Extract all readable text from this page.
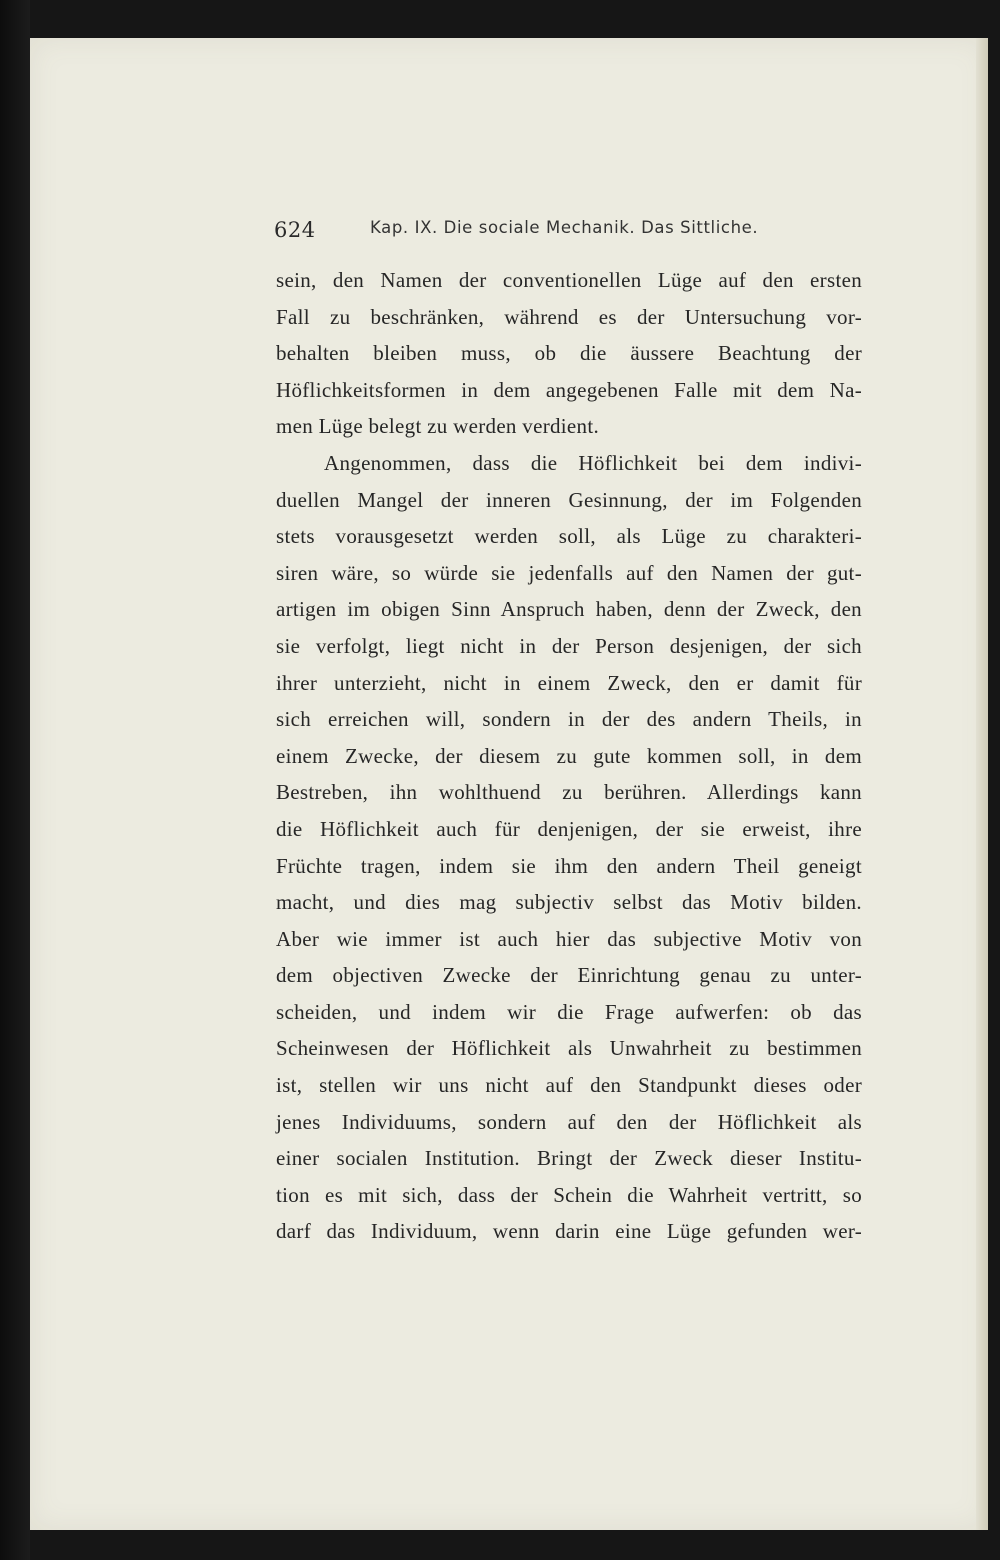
624	Kap. IX. Die sociale Mechanik. Das Sittliche.
sein, den Namen der conventionellen Lüge auf den ersten
Fall zu beschränken, während es der Untersuchung vor-
behalten bleiben muss, ob die äussere Beachtung der
Höflichkeitsformen in dem angegebenen Falle mit dem Na-
men Lüge belegt zu werden verdient.
Angenommen, dass die Höflichkeit bei dem indivi-
duellen Mangel der inneren Gesinnung, der im Folgenden
stets vorausgesetzt werden soll, als Lüge zu charakteri-
siren wäre, so würde sie jedenfalls auf den Namen der gut-
artigen im obigen Sinn Anspruch haben, denn der Zweck, den
sie verfolgt, liegt nicht in der Person desjenigen, der sich
ihrer unterzieht, nicht in einem Zweck, den er damit für
sich erreichen will, sondern in der des andern Theils, in
einem Zwecke, der diesem zu gute kommen soll, in dem
Bestreben, ihn wohlthuend zu berühren. Allerdings kann
die Höflichkeit auch für denjenigen, der sie erweist, ihre
Früchte tragen, indem sie ihm den andern Theil geneigt
macht, und dies mag subjectiv selbst das Motiv bilden.
Aber wie immer ist auch hier das subjective Motiv von
dem objectiven Zwecke der Einrichtung genau zu unter-
scheiden, und indem wir die Frage aufwerfen: ob das
Scheinwesen der Höflichkeit als Unwahrheit zu bestimmen
ist, stellen wir uns nicht auf den Standpunkt dieses oder
jenes Individuums, sondern auf den der Höflichkeit als
einer socialen Institution. Bringt der Zweck dieser Institu-
tion es mit sich, dass der Schein die Wahrheit vertritt, so
darf das Individuum, wenn darin eine Lüge gefunden wer-
